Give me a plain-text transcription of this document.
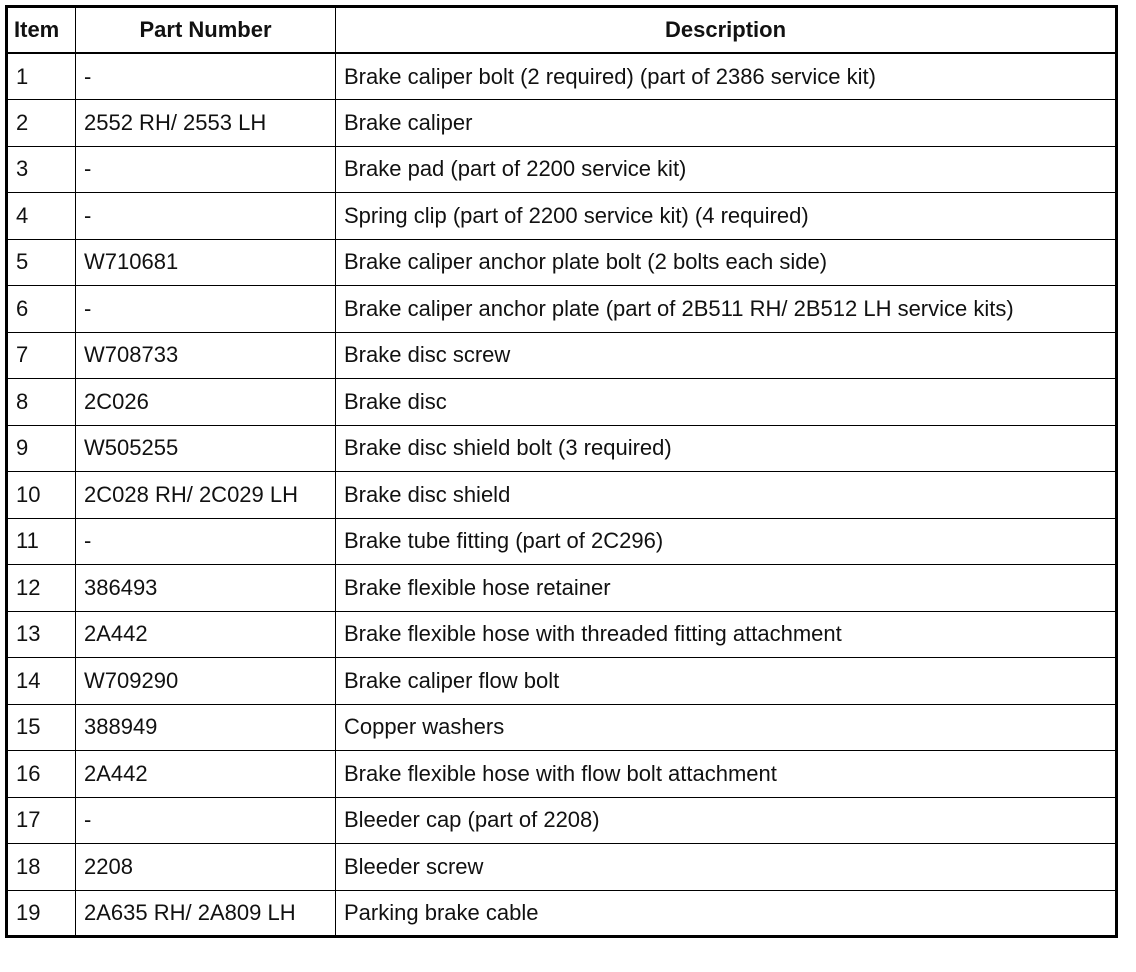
Item	Part Number	Description
1	-	Brake caliper bolt (2 required) (part of 2386 service kit)
2	2552 RH/ 2553 LH	Brake caliper
3	-	Brake pad (part of 2200 service kit)
4	-	Spring clip (part of 2200 service kit) (4 required)
5	W710681	Brake caliper anchor plate bolt (2 bolts each side)
6	-	Brake caliper anchor plate (part of 2B511 RH/ 2B512 LH service kits)
7	W708733	Brake disc screw
8	2C026	Brake disc
9	W505255	Brake disc shield bolt (3 required)
10	2C028 RH/ 2C029 LH	Brake disc shield
11	-	Brake tube fitting (part of 2C296)
12	386493	Brake flexible hose retainer
13	2A442	Brake flexible hose with threaded fitting attachment
14	W709290	Brake caliper flow bolt
15	388949	Copper washers
16	2A442	Brake flexible hose with flow bolt attachment
17	-	Bleeder cap (part of 2208)
18	2208	Bleeder screw
19	2A635 RH/ 2A809 LH	Parking brake cable
